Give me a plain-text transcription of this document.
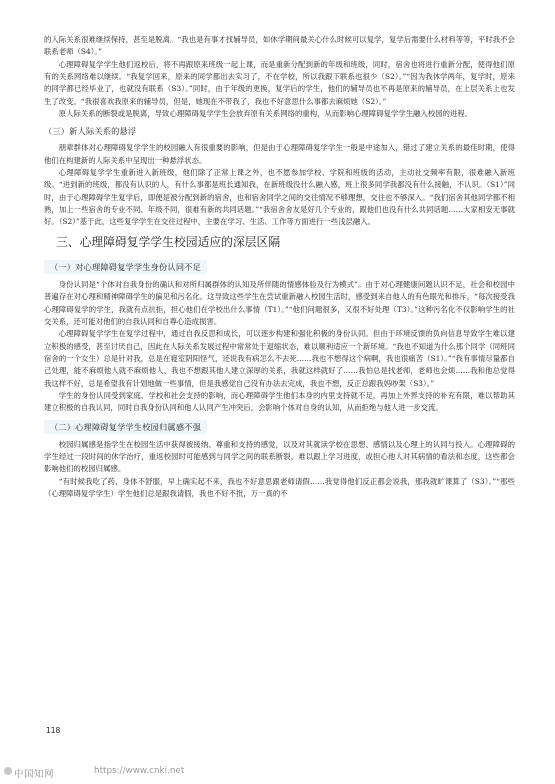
的人际关系很难继续保持，甚至是脱离。“我也是有事才找辅导员，如休学期间最关心什么时候可以复学，复学后需要什么材料等等，平时我不会联系老师（S4）。”

心理障碍复学学生他们返校后，将不再跟原来班级一起上课，而是重新分配到新的年级和班级，同时，宿舍也将进行重新分配，使得他们原有的关系网络难以继续。“我复学回来，原来的同学都出去实习了，不在学校，所以我跟下联系也很少（S2）。”“因为我休学两年，复学时，原来的同学都已经毕业了，也就没有联系（S3）。”同时，由于年级的更换，复学后的学生，他们的辅导员也不再是原来的辅导员，在上层关系上也发生了改变。“我很喜欢我原来的辅导员，但是，她现在不带我了，我也不好意思什么事都去麻烦她（S2）。”

原人际关系的断裂或是脱离，导致心理障碍复学学生会放弃原有关系网络的重构，从而影响心理障碍复学学生融入校园的进程。

（三）新人际关系的悬浮

朋辈群体对心理障碍复学学生的校园融入有很重要的影响，但是由于心理障碍复学学生一般是中途加入，错过了建立关系的最佳时期，使得他们在构建新的人际关系中呈现出一种悬浮状态。

心理障碍复学学生重新进入新班级，他们除了正常上课之外，也不愿参加学校、学院和班级的活动，主动社交频率有限，很难融入新班级。“进到新的班级，都没有认识的人，有什么事都是班长通知我，在新班级没什么融入感，班上很多同学我都没有什么接触，不认识。（S1）”同时，由于心理障碍学生复学后，即便是被分配到新的宿舍，也和宿舍同学之间的交往情况不够理想，交往也不够深入。“我们宿舍其他同学都不相熟，加上一些宿舍的专业不同、年级不同，很难有新的共同话题。”“我宿舍舍友是好几个专业的，跟他们也没有什么共同话题……大家相安无事就好。（S2）”基于此，这些复学学生在交往过程中，主要在学习、生活、工作等方面进行一些浅层融入。

三、心理障碍复学学生校园适应的深层区隔
（一）对心理障碍复学学生身份认同不足

身份认同是“个体对自我身份的确认和对所归属群体的认知及所伴随的情感体验及行为模式”。由于对心理健康问题认识不足，社会和校园中普遍存在对心理和精神障碍学生的偏见和污名化。这导致这些学生在尝试重新融入校园生活时，感受到来自他人的有色眼光和排斥，“每次接受我心理障碍复学的学生，我就有点抗拒，担心他们在学校出什么事情（T1）。”“他们问题很多，又很不好处理（T3）。”这种污名化不仅影响学生的社交关系，还可能对他们的自我认同和自尊心造成损害。

心理障碍复学学生在复学过程中，通过自我反思和成长，可以逐步构建和强化积极的身份认同。但由于环境反馈的负向信息导致学生难以建立积极的感受，甚至讨厌自己，因此在人际关系发展过程中常常处于退缩状态，难以顺利适应一个新环境。“我也不知道为什么那个同学（同班同宿舍的一个女生）总是针对我，总是在寝室阴阳怪气，还说我有病怎么不去死……我也不想得这个病啊，我也很痛苦（S1）。”“我有事情尽量都自己处理，能不麻烦他人就不麻烦他人，我也不想跟其他人建立深厚的关系，我就这样就好了……我怕总是找老师，老师也会烦……我和他总觉得我这样不好，总是希望我有计划地做一些事情，但是我感觉自己没有办法去完成，我也不想，反正总跟我妈吵架（S3）。”

学生的身份认同受到家庭、学校和社会支持的影响，而心理障碍学生他们本身的内里支持就不足，再加上外界支持的补充有限，难以帮助其建立积极的自我认同，同时自我身份认同和他人认同产生冲突后，会影响个体对自身的认知，从而拒绝与他人进一步交流。

（二）心理障碍复学学生校园归属感不强

校园归属感是指学生在校园生活中获得被接纳、尊重和支持的感觉，以及对其就读学校在思想、感情以及心理上的认同与投入。心理障碍的学生经过一段时间的休学治疗，重返校园时可能感到与同学之间的联系断裂，难以跟上学习进度，或担心他人对其病情的看法和态度，这些都会影响他们的校园归属感。

“有时候我吃了药，身体不舒服，早上确实起不来，我也不好意思跟老师请假……我觉得他们反正都会说我，那我就旷课算了（S3）。”“那些（心理障碍复学学生）学生他们总是跟我请假，我也不好不批，万一真的不

118
中国知网	https://www.cnki.net
